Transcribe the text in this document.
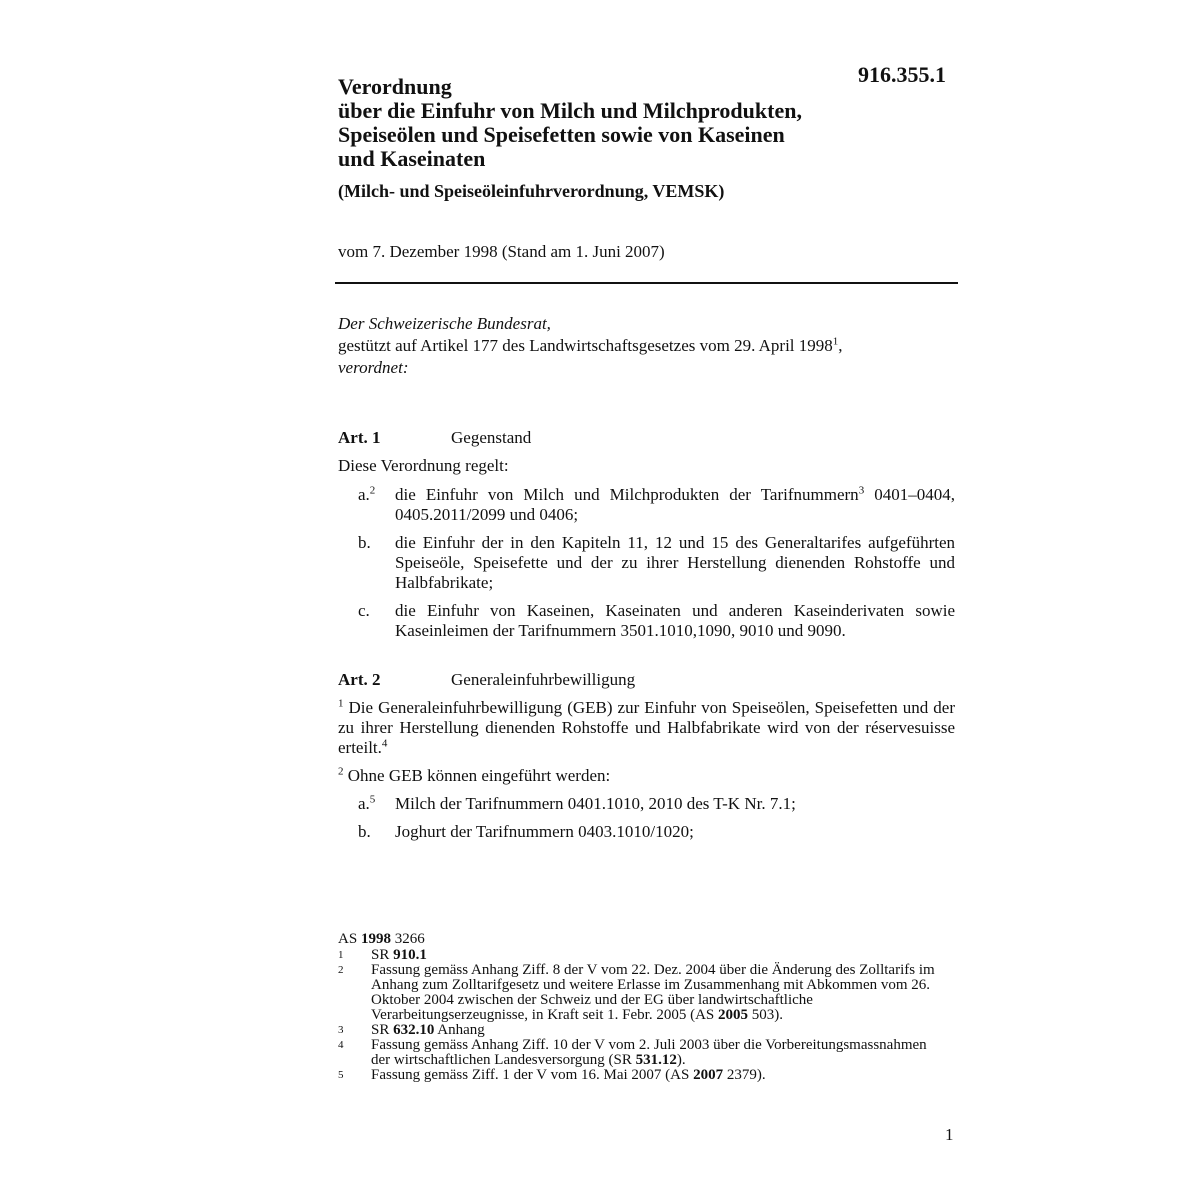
916.355.1
Verordnung
über die Einfuhr von Milch und Milchprodukten,
Speiseölen und Speisefetten sowie von Kaseinen
und Kaseinaten
(Milch- und Speiseöleinfuhrverordnung, VEMSK)
vom 7. Dezember 1998 (Stand am 1. Juni 2007)
Der Schweizerische Bundesrat,
gestützt auf Artikel 177 des Landwirtschaftsgesetzes vom 29. April 1998$^1$,
verordnet:
Art. 1	Gegenstand
Diese Verordnung regelt:
a.$^2$	die Einfuhr von Milch und Milchprodukten der Tarifnummern$^3$ 0401–0404, 0405.2011/2099 und 0406;
b.	die Einfuhr der in den Kapiteln 11, 12 und 15 des Generaltarifes aufgeführten Speiseöle, Speisefette und der zu ihrer Herstellung dienenden Rohstoffe und Halbfabrikate;
c.	die Einfuhr von Kaseinen, Kaseinaten und anderen Kaseinderivaten sowie Kaseinleimen der Tarifnummern 3501.1010,1090, 9010 und 9090.
Art. 2	Generaleinfuhrbewilligung
$^1$ Die Generaleinfuhrbewilligung (GEB) zur Einfuhr von Speiseölen, Speisefetten und der zu ihrer Herstellung dienenden Rohstoffe und Halbfabrikate wird von der réservesuisse erteilt.$^4$
$^2$ Ohne GEB können eingeführt werden:
a.$^5$	Milch der Tarifnummern 0401.1010, 2010 des T-K Nr. 7.1;
b.	Joghurt der Tarifnummern 0403.1010/1020;
AS 1998 3266
1	SR 910.1
2	Fassung gemäss Anhang Ziff. 8 der V vom 22. Dez. 2004 über die Änderung des Zolltarifs im Anhang zum Zolltarifgesetz und weitere Erlasse im Zusammenhang mit Abkommen vom 26. Oktober 2004 zwischen der Schweiz und der EG über landwirtschaftliche Verarbeitungserzeugnisse, in Kraft seit 1. Febr. 2005 (AS 2005 503).
3	SR 632.10 Anhang
4	Fassung gemäss Anhang Ziff. 10 der V vom 2. Juli 2003 über die Vorbereitungsmassnahmen der wirtschaftlichen Landesversorgung (SR 531.12).
5	Fassung gemäss Ziff. 1 der V vom 16. Mai 2007 (AS 2007 2379).
1
